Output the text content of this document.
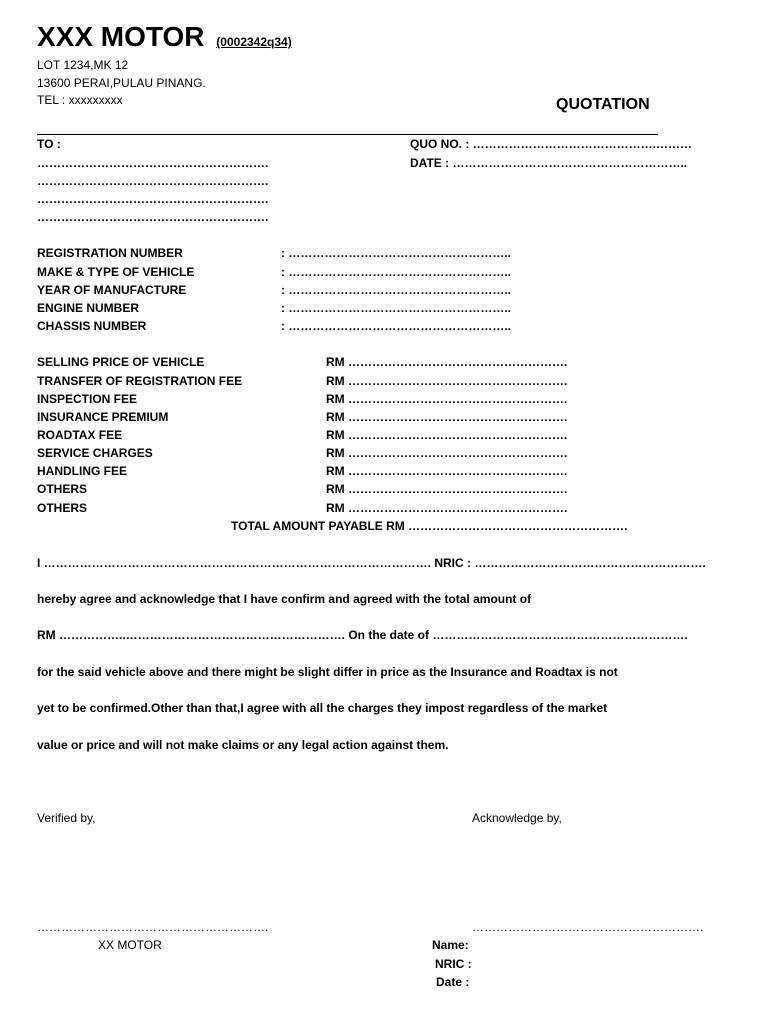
XXX MOTOR (0002342q34)
LOT 1234,MK 12
13600 PERAI,PULAU PINANG.
TEL : xxxxxxxxx	QUOTATION
TO :
………………………………………………….
………………………………………………….
………………………………………………….
………………………………………………….
QUO NO. : ……………………………………….………
DATE : …………………………………………………..
REGISTRATION NUMBER	: ………………………………………………..
MAKE & TYPE OF VEHICLE	: ………………………………………………..
YEAR OF MANUFACTURE	: ………………………………………………..
ENGINE NUMBER	: ………………………………………………..
CHASSIS NUMBER	: ………………………………………………..
SELLING PRICE OF VEHICLE	RM ……………………………………………….
TRANSFER OF REGISTRATION FEE	RM ……………………………………………….
INSPECTION FEE	RM ……………………………………………….
INSURANCE PREMIUM	RM ……………………………………………….
ROADTAX FEE	RM ……………………………………………….
SERVICE CHARGES	RM ……………………………………………….
HANDLING FEE	RM ……………………………………………….
OTHERS	RM ……………………………………………….
OTHERS	RM ……………………………………………….
TOTAL AMOUNT PAYABLE RM ……………………………………………….
I ……………………………………………………………………………………. NRIC : ………………………………………………….
hereby agree and acknowledge that I have confirm and agreed with the total amount of
RM ……………..………………………………………………. On the date of ……………………………………………………….
for the said vehicle above and there might be slight differ in price as the Insurance and Roadtax is not
yet to be confirmed.Other than that,I agree with all the charges they impost regardless of the market
value or price and will not make claims or any legal action against them.
Verified by,	Acknowledge by,
………………………………………………….	………………………………………………….
XX MOTOR	Name:
NRIC :
Date :
